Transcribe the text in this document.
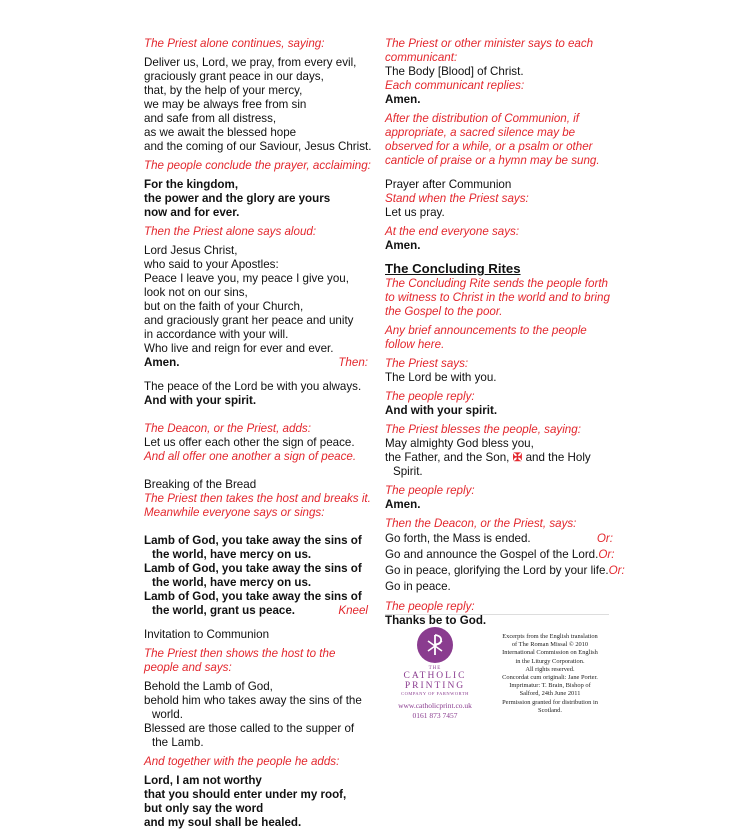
The Priest alone continues, saying:
Deliver us, Lord, we pray, from every evil,
graciously grant peace in our days,
that, by the help of your mercy,
we may be always free from sin
and safe from all distress,
as we await the blessed hope
and the coming of our Saviour, Jesus Christ.
The people conclude the prayer, acclaiming:
For the kingdom,
the power and the glory are yours
now and for ever.
Then the Priest alone says aloud:
Lord Jesus Christ,
who said to your Apostles:
Peace I leave you, my peace I give you,
look not on our sins,
but on the faith of your Church,
and graciously grant her peace and unity
in accordance with your will.
Who live and reign for ever and ever.
Amen.	Then:
The peace of the Lord be with you always.
And with your spirit.
The Deacon, or the Priest, adds:
Let us offer each other the sign of peace.
And all offer one another a sign of peace.
Breaking of the Bread
The Priest then takes the host and breaks it.
Meanwhile everyone says or sings:
Lamb of God, you take away the sins of
the world, have mercy on us.
Lamb of God, you take away the sins of
the world, have mercy on us.
Lamb of God, you take away the sins of
the world, grant us peace.	Kneel
Invitation to Communion
The Priest then shows the host to the
people and says:
Behold the Lamb of God,
behold him who takes away the sins of the
world.
Blessed are those called to the supper of
the Lamb.
And together with the people he adds:
Lord, I am not worthy
that you should enter under my roof,
but only say the word
and my soul shall be healed.
The Priest or other minister says to each
communicant:
The Body [Blood] of Christ.
Each communicant replies:
Amen.
After the distribution of Communion, if
appropriate, a sacred silence may be
observed for a while, or a psalm or other
canticle of praise or a hymn may be sung.
Prayer after Communion
Stand when the Priest says:
Let us pray.
At the end everyone says:
Amen.
The Concluding Rites
The Concluding Rite sends the people forth
to witness to Christ in the world and to bring
the Gospel to the poor.
Any brief announcements to the people
follow here.
The Priest says:
The Lord be with you.
The people reply:
And with your spirit.
The Priest blesses the people, saying:
May almighty God bless you,
the Father, and the Son, ✠ and the Holy
Spirit.
The people reply:
Amen.
Then the Deacon, or the Priest, says:
Go forth, the Mass is ended.	Or:
Go and announce the Gospel of the Lord. Or:
Go in peace, glorifying the Lord by your life. Or:
Go in peace.
The people reply:
Thanks be to God.
THE
CATHOLIC
PRINTING
COMPANY OF FARNWORTH
www.catholicprint.co.uk
0161 873 7457
Excerpts from the English translation
of The Roman Missal © 2010
International Commission on English
in the Liturgy Corporation.
All rights reserved.
Concordat cum originali: Jane Porter.
Imprimatur: T. Brain, Bishop of
Salford, 24th June 2011
Permission granted for distribution in
Scotland.
